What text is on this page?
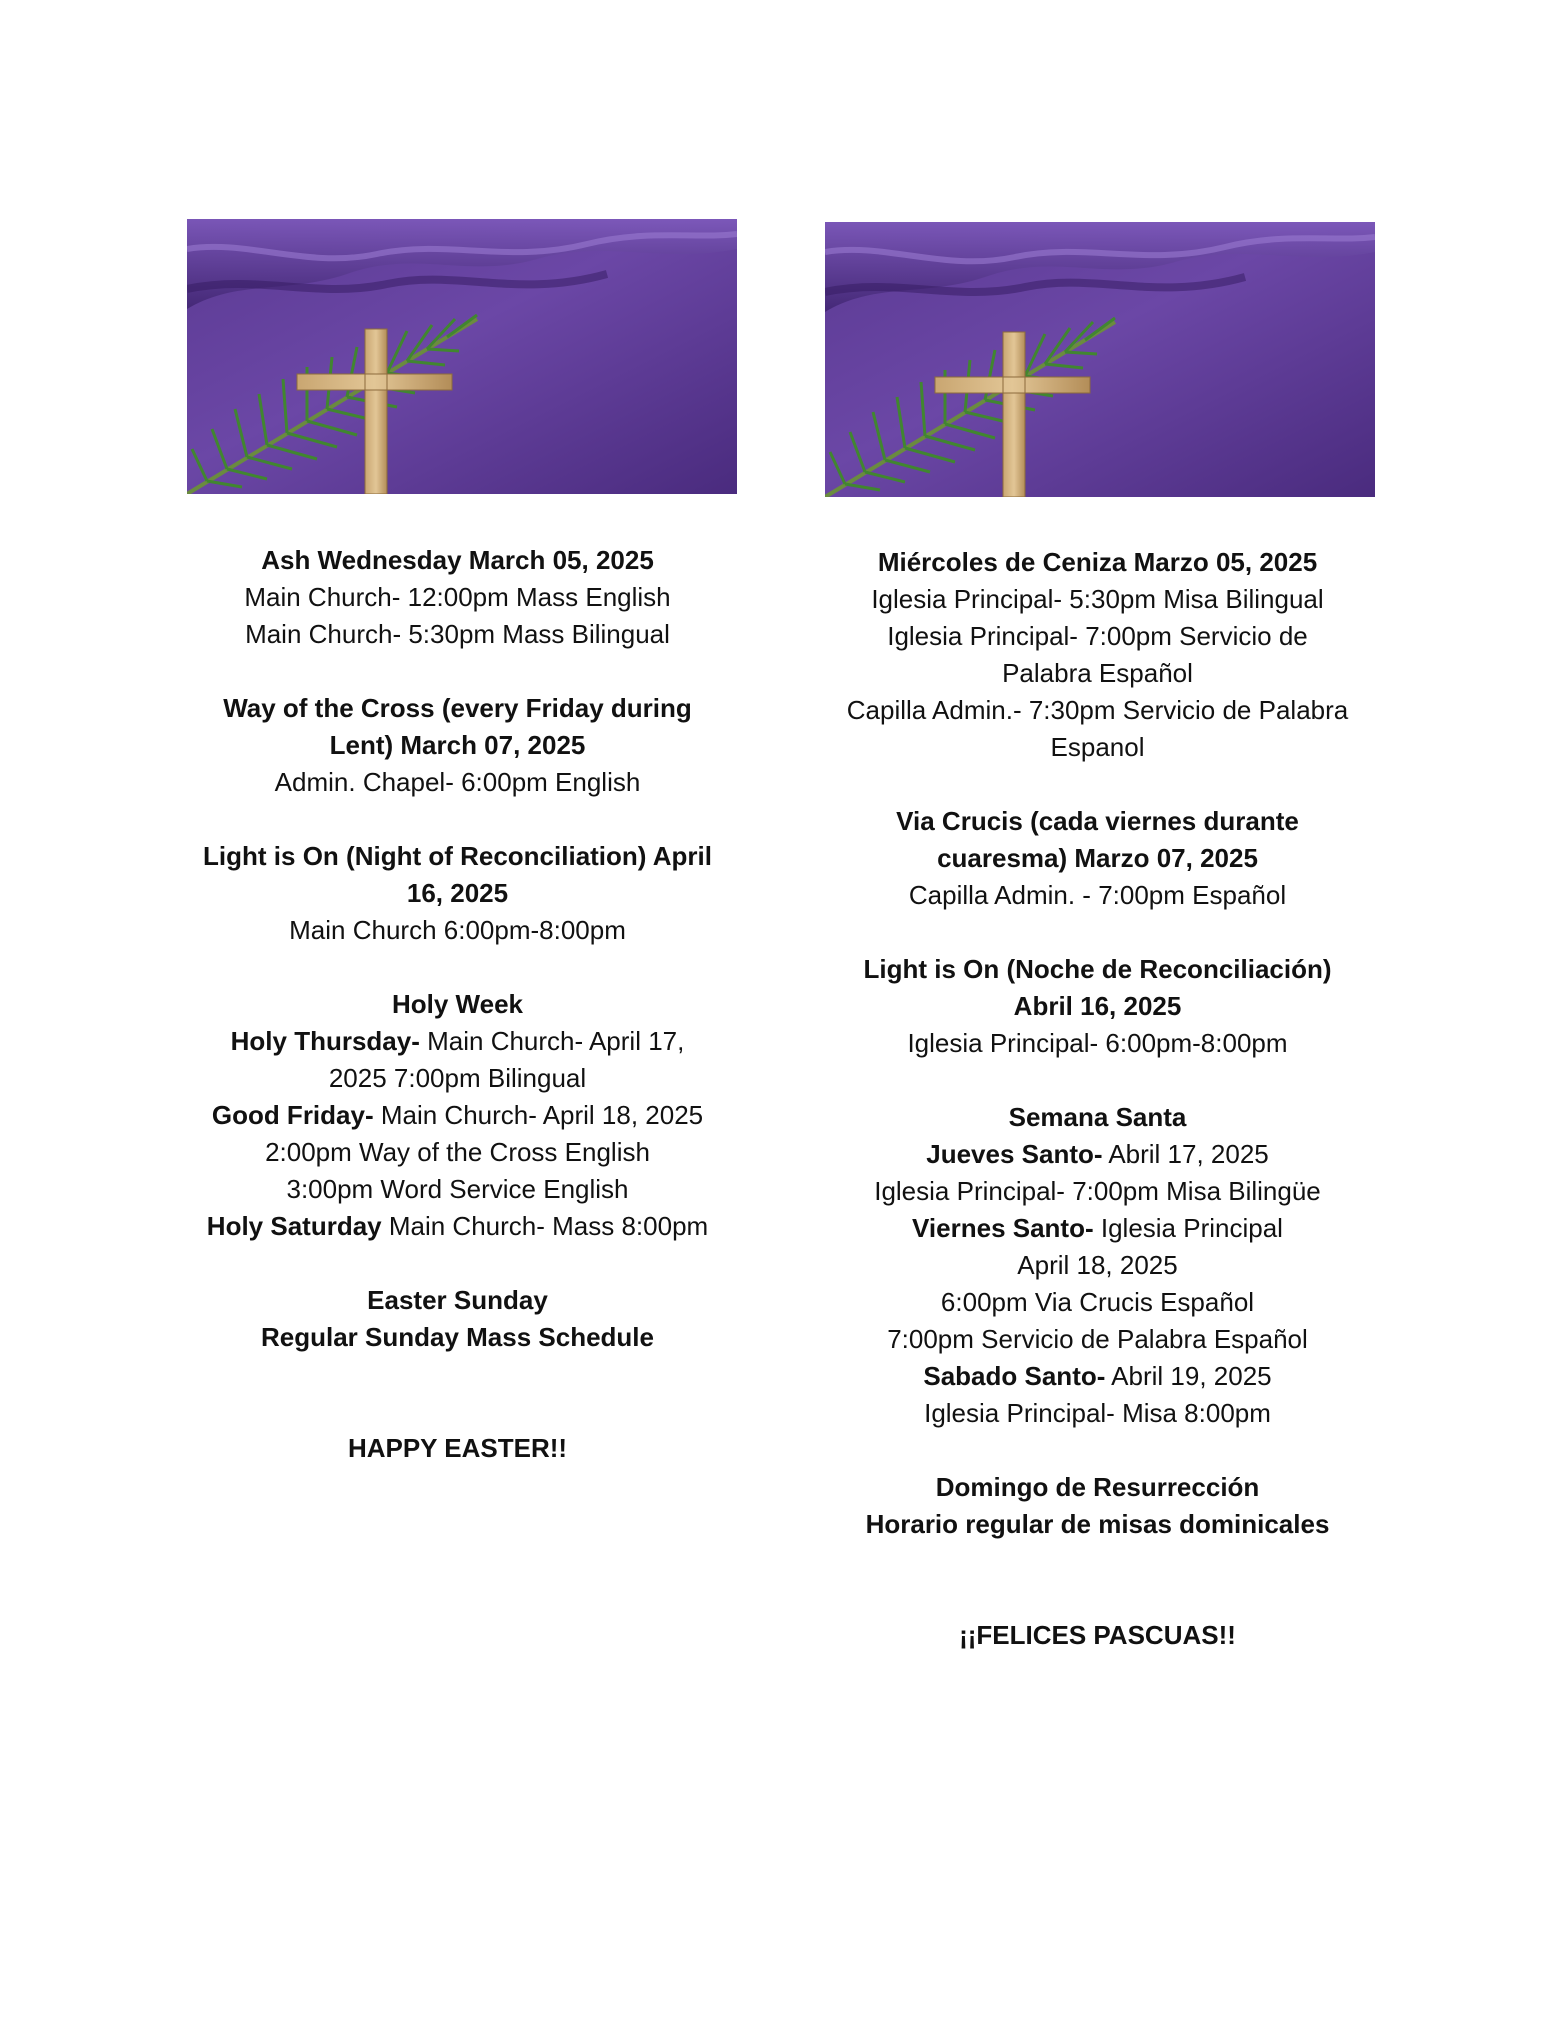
Ash Wednesday March 05, 2025
Main Church- 12:00pm Mass English
Main Church- 5:30pm Mass Bilingual
Way of the Cross (every Friday during
Lent) March 07, 2025
Admin. Chapel- 6:00pm English
Light is On (Night of Reconciliation) April
16, 2025
Main Church 6:00pm-8:00pm
Holy Week
Holy Thursday- Main Church- April 17,
2025 7:00pm Bilingual
Good Friday- Main Church- April 18, 2025
2:00pm Way of the Cross English
3:00pm Word Service English
Holy Saturday Main Church- Mass 8:00pm
Easter Sunday
Regular Sunday Mass Schedule
HAPPY EASTER!!
Miércoles de Ceniza Marzo 05, 2025
Iglesia Principal- 5:30pm Misa Bilingual
Iglesia Principal- 7:00pm Servicio de
Palabra Español
Capilla Admin.- 7:30pm Servicio de Palabra
Espanol
Via Crucis (cada viernes durante
cuaresma) Marzo 07, 2025
Capilla Admin. - 7:00pm Español
Light is On (Noche de Reconciliación)
Abril 16, 2025
Iglesia Principal- 6:00pm-8:00pm
Semana Santa
Jueves Santo- Abril 17, 2025
Iglesia Principal- 7:00pm Misa Bilingüe
Viernes Santo- Iglesia Principal
April 18, 2025
6:00pm Via Crucis Español
7:00pm Servicio de Palabra Español
Sabado Santo- Abril 19, 2025
Iglesia Principal- Misa 8:00pm
Domingo de Resurrección
Horario regular de misas dominicales
¡¡FELICES PASCUAS!!
